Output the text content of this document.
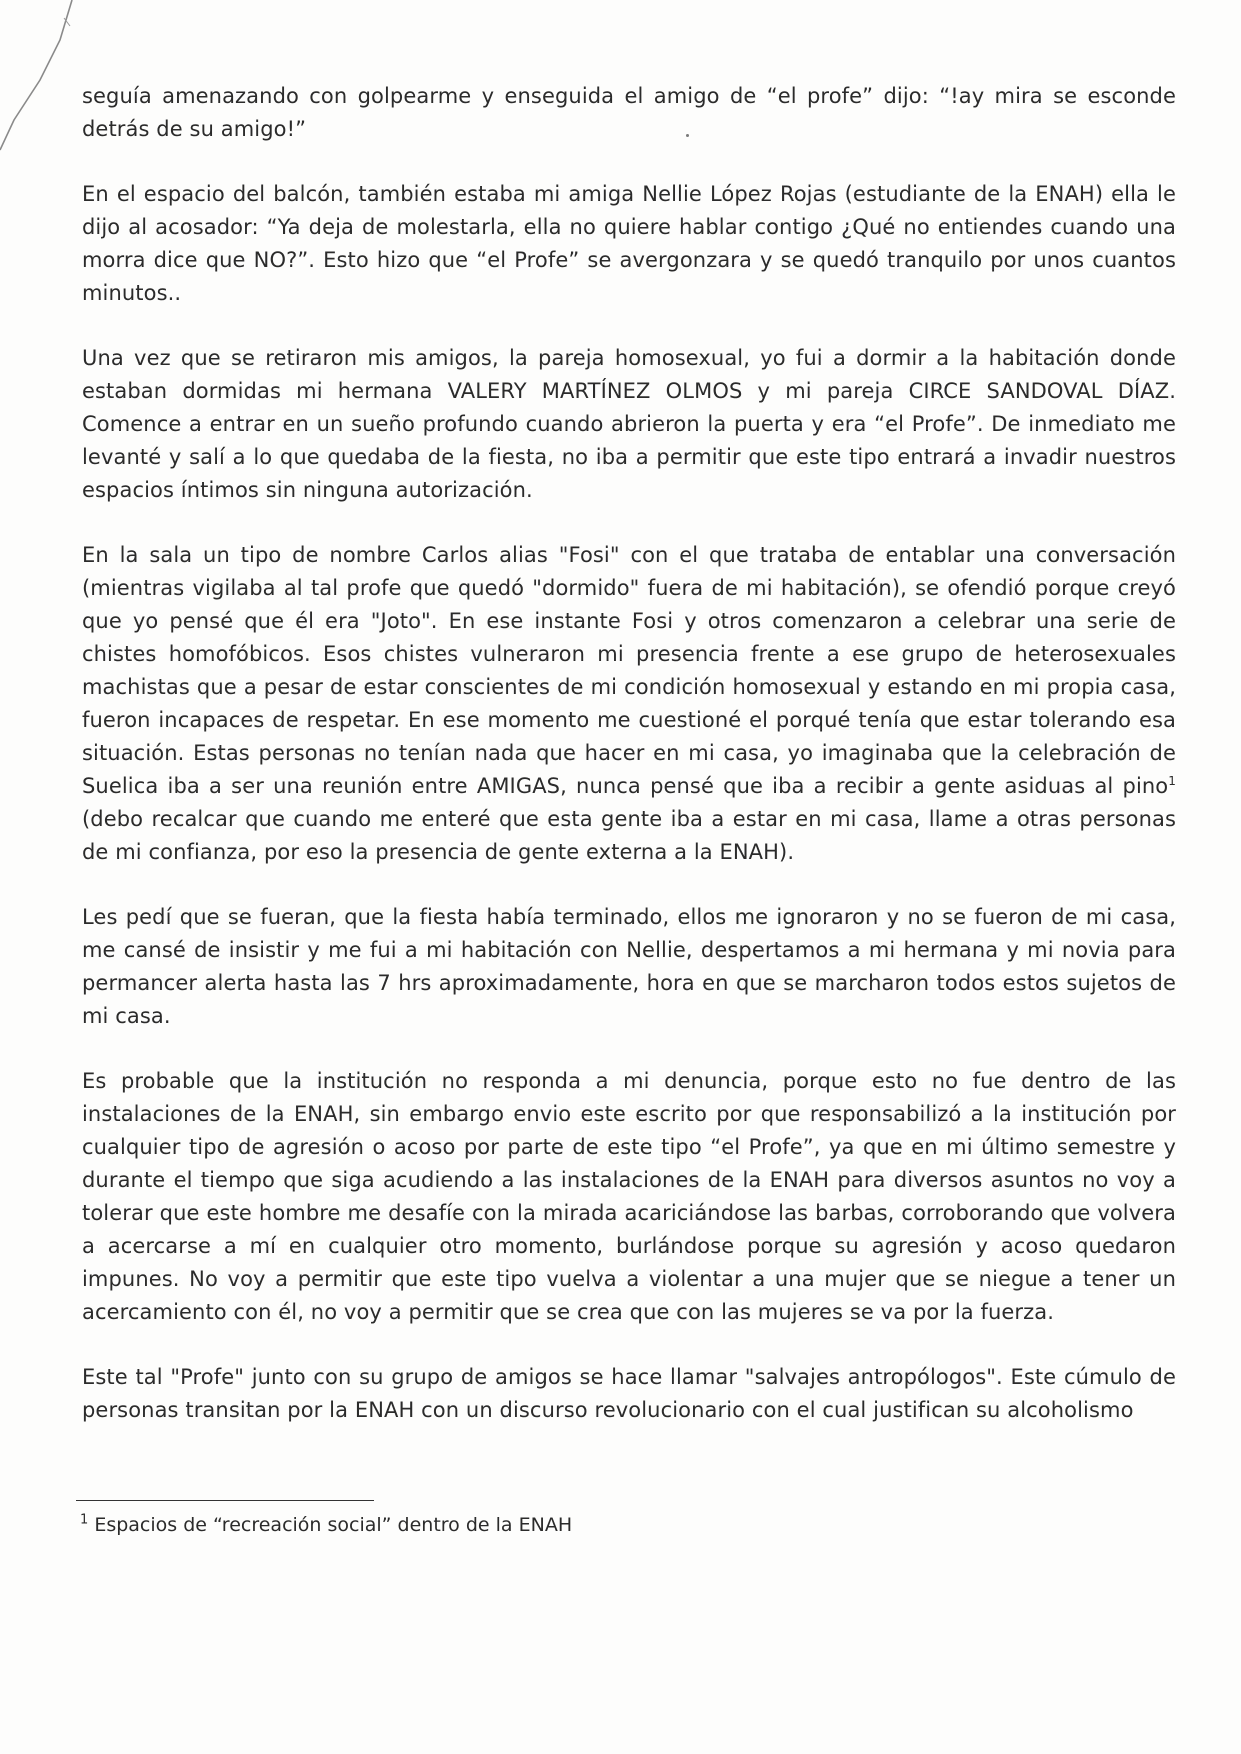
seguía amenazando con golpearme y enseguida el amigo de “el profe” dijo: “!ay mira se esconde detrás de su amigo!”

En el espacio del balcón, también estaba mi amiga Nellie López Rojas (estudiante de la ENAH) ella le dijo al acosador: “Ya deja de molestarla, ella no quiere hablar contigo ¿Qué no entiendes cuando una morra dice que NO?”. Esto hizo que “el Profe” se avergonzara y se quedó tranquilo por unos cuantos minutos..

Una vez que se retiraron mis amigos, la pareja homosexual, yo fui a dormir a la habitación donde estaban dormidas mi hermana VALERY MARTÍNEZ OLMOS y mi pareja CIRCE SANDOVAL DÍAZ. Comence a entrar en un sueño profundo cuando abrieron la puerta y era “el Profe”. De inmediato me levanté y salí a lo que quedaba de la fiesta, no iba a permitir que este tipo entrará a invadir nuestros espacios íntimos sin ninguna autorización.

En la sala un tipo de nombre Carlos alias "Fosi" con el que trataba de entablar una conversación (mientras vigilaba al tal profe que quedó "dormido" fuera de mi habitación), se ofendió porque creyó que yo pensé que él era "Joto". En ese instante Fosi y otros comenzaron a celebrar una serie de chistes homofóbicos. Esos chistes vulneraron mi presencia frente a ese grupo de heterosexuales machistas que a pesar de estar conscientes de mi condición homosexual y estando en mi propia casa, fueron incapaces de respetar. En ese momento me cuestioné el porqué tenía que estar tolerando esa situación. Estas personas no tenían nada que hacer en mi casa, yo imaginaba que la celebración de Suelica iba a ser una reunión entre AMIGAS, nunca pensé que iba a recibir a gente asiduas al pino$^1$ (debo recalcar que cuando me enteré que esta gente iba a estar en mi casa, llame a otras personas de mi confianza, por eso la presencia de gente externa a la ENAH).

Les pedí que se fueran, que la fiesta había terminado, ellos me ignoraron y no se fueron de mi casa, me cansé de insistir y me fui a mi habitación con Nellie, despertamos a mi hermana y mi novia para permancer alerta hasta las 7 hrs aproximadamente, hora en que se marcharon todos estos sujetos de mi casa.

Es probable que la institución no responda a mi denuncia, porque esto no fue dentro de las instalaciones de la ENAH, sin embargo envio este escrito por que responsabilizó a la institución por cualquier tipo de agresión o acoso por parte de este tipo “el Profe”, ya que en mi último semestre y durante el tiempo que siga acudiendo a las instalaciones de la ENAH para diversos asuntos no voy a tolerar que este hombre me desafíe con la mirada acariciándose las barbas, corroborando que volvera a acercarse a mí en cualquier otro momento, burlándose porque su agresión y acoso quedaron impunes. No voy a permitir que este tipo vuelva a violentar a una mujer que se niegue a tener un acercamiento con él, no voy a permitir que se crea que con las mujeres se va por la fuerza.

Este tal "Profe" junto con su grupo de amigos se hace llamar "salvajes antropólogos". Este cúmulo de personas transitan por la ENAH con un discurso revolucionario con el cual justifican su alcoholismo

$^1$ Espacios de “recreación social” dentro de la ENAH
